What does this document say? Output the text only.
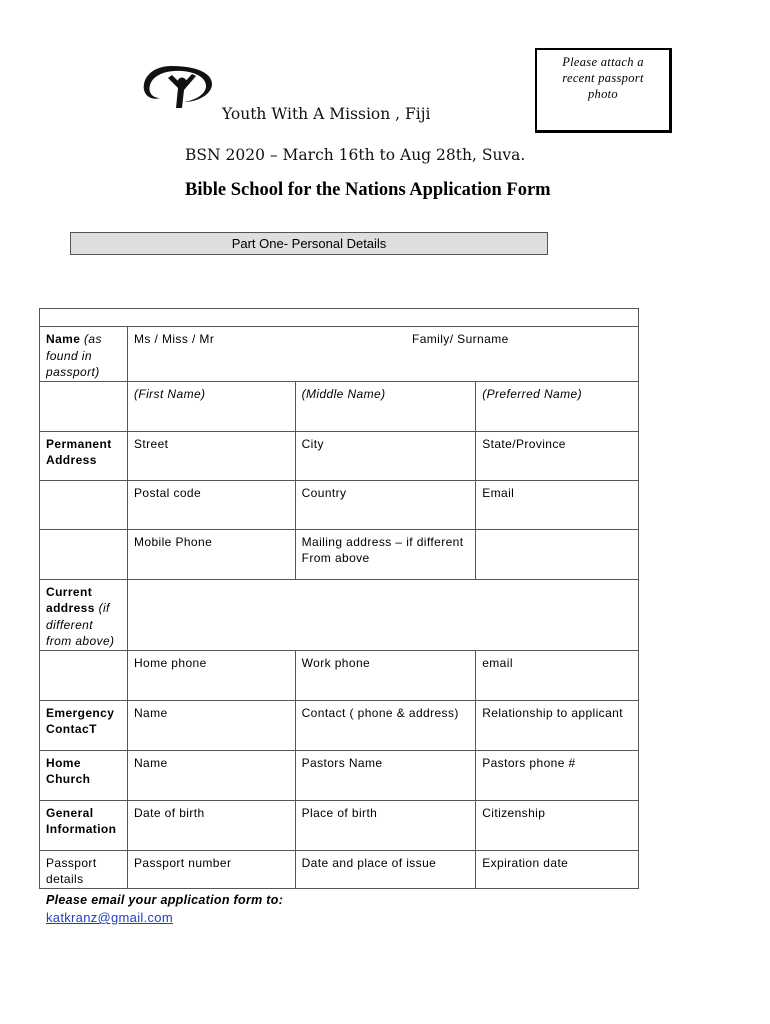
Please attach a
recent passport
photo
Youth With A Mission , Fiji
BSN 2020 – March 16th to Aug 28th, Suva.
Bible School for the Nations Application Form
Part One- Personal Details

Name (as
found in
passport)	Ms / Miss / Mr Family/ Surname		

	(First Name)	(Middle Name)	(Preferred Name)
Permanent
Address	Street	City	State/Province
	Postal code	Country	Email
	Mobile Phone	Mailing address – if different
From above	
Current
address (if
different
from above)			
	Home phone	Work phone	email
Emergency
ContacT	Name	Contact ( phone & address)	Relationship to applicant
Home
Church	Name	Pastors Name	Pastors phone #
General
Information	Date of birth	Place of birth	Citizenship
Passport
details	Passport number	Date and place of issue	Expiration date
Please email your application form to:
katkranz@gmail.com
